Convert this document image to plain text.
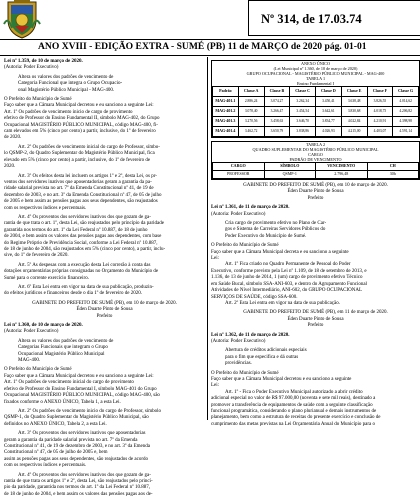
Nº 314, de 17.03.74
ANO XVIII - EDIÇÃO EXTRA - SUMÉ (PB) 11 de MARÇO de 2020 pág. 01-01
Lei nº 1.359, de 10 de março de 2020.
(Autoria: Poder Executivo)
Altera os valores dos padrões de vencimento de
Categoria Funcional que integra o Grupo Ocupacio-
onal Magistério Público Municipal - MAG-400.
O Prefeito do Município de Sumé
Faço saber que a Câmara Municipal decretou e eu sanciono a seguinte Lei:
Art. 1º Os padrões de vencimento inicio de cargo de provimento
efetivo de Professor do Ensino Fundamental II, símbolo MAG-402, do Grupo
Ocupacional MAGISTÉRIO PÚBLICO MUNICIPAL, código MAG-400, fi-
cam elevados em 5% (cinco por cento) a partir, inclusive, do 1º de fevereiro
de 2020.
Art. 2º Os padrões de vencimento inicial do cargo de Professor, símbo-
lo QSMP-2, do Quadro Suplementar do Magistério Público Municipal, fica
elevado em 5% (cinco por cento) a partir, inclusive, do 1º de fevereiro de
2020.
Art. 3º Os efeitos desta lei incluem os artigos 1º e 2º, desta Lei, os pr-
ventos dos servidores inativos que aposentadorias geram a garantia da pa-
ridade salarial prevista no art. 7º da Emenda Constitucional nº 41, de 19 de
dezembro de 2003, e no art. 3º da Emenda Constitucional nº 47, de 05 de julho
de 2005 e bem assim as pensões pagas aos seus dependentes, são reajustados
com os respectivos índices e percentuais.
Art. 4º Os proventos dos servidores inativos dos que gozam de ga-
rantia de que trata o art. 1º, desta Lei, são reajustados pelo princípio da paridade
garantida nos termos do art. 1º da Lei Federal nº 10.887, de 18 de junho
de 2004, e bem assim os valores das pensões pagas aos dependentes, com base
do Regime Próprio de Previdência Social, conforme a Lei Federal nº 10.887,
de 18 de junho de 2004, são reajustados em 5% (cinco por cento), a partir, inclu-
sive, do 1º de fevereiro de 2020.
Art. 5º As despesas com a execução desta Lei correrão à conta das
dotações orçamentárias próprias consignadas no Orçamento do Município de
Sumé para o corrente exercício financeiro.
Art. 6º Esta Lei entra em vigor na data de sua publicação, produzin-
do efeitos jurídicos e financeiros desde o dia 1º de fevereiro de 2020.
GABINETE DO PREFEITO DE SUMÉ (PB), em 10 de março de 2020.
Éden Duarte Pinto de Sousa
Prefeito
Lei nº 1.360, de 10 de março de 2020.
(Autoria: Poder Executivo)
Altera os valores dos padrões de vencimento de
Categorias Funcionais que integram o Grupo
Ocupacional Magistério Público Municipal
MAG-400.
O Prefeito do Município de Sumé
Faço saber que a Câmara Municipal decretou e eu sanciono a seguinte Lei:
Art. 1º Os padrões de vencimento inicial do cargo de provimento
efetivo de Professor do Ensino Fundamental I, símbolo MAG-401 do Grupo
Ocupacional MAGISTÉRIO PÚBLICO MUNICIPAL, código MAG-400, são
fixados conforme o ANEXO ÚNICO, Tabela 1, a esta Lei.
Art. 2º Os padrões de vencimento inicio do cargo de Professor, símbolo
QSMP-1, do Quadro Suplementar do Magistério Público Municipal, são
definidos no ANEXO ÚNICO, Tabela 2, a esta Lei.
Art. 3º Os proventos dos servidores inativos que aposentadorias
geram a garantia da paridade salarial prevista no art. 7º da Emenda
Constitucional nº 41, de 19 de dezembro de 2003, e no art. 3º da Emenda
Constitucional nº 47, de 05 de julho de 2005 e, bem
assim as pensões pagas aos seus dependentes, são reajustados de acordo
com os respectivos índices e percentuais.
Art. 4º Os proventos dos servidores inativos dos que gozam de ga-
rantia de que trata os artigos 1º e 2º, desta Lei, são reajustados pelo princí-
pio da paridade, garantida nos termos do art. 1º da Lei Federal nº 10.887,
de 18 de junho de 2004, e bem assim os valores das pensões pagas aos de-
ANEXO ÚNICO
(Lei Municipal nº 1.360, de 10 de março de 2020)
GRUPO OCUPACIONAL - MAGISTÉRIO PÚBLICO MUNICIPAL - MAG-400
TABELA 1
Ensino Fundamental I
Padrão	Classe A	Classe B	Classe C	Classe D	Classe E	Classe F	Classe G
MAG-401.1	2.886,24	3.074,27	3.262,34	3.450,41	3.638,48	3.826,55	4.014,62
MAG-401.2	3.078,40	3.266,47	3.454,54	3.642,61	3.830,68	4.018,75	4.206,82
MAG-401.3	3.270,56	3.458,63	3.646,70	3.834,77	4.022,84	4.210,91	4.398,98
MAG-401.4	3.462,72	3.650,79	3.838,86	4.026,93	4.215,00	4.403,07	4.591,14
TABELA 2
QUADRO SUPLEMENTAR DO MAGISTÉRIO PÚBLICO MUNICIPAL
CARGO
PADRÃO DE VENCIMENTO
CARGO	SÍMBOLO	VENCIMENTO	CH
PROFESSOR	QSMP-1	2.796,48	30h
GABINETE DO PREFEITO DE SUMÉ (PB), em 10 de março de 2020.
Éden Duarte Pinto de Sousa
Prefeito
Lei nº 1.361, de 11 de março de 2020.
(Autoria: Poder Executivo)
Cria cargo de provimento efetivo no Plano de Car-
gos e Sistema de Carreiras Servidores Públicos do
Poder Executivo do Município de Sumé.
O Prefeito do Município de Sumé
Faço saber que a Câmara Municipal decreta e eu sanciono a seguinte
Lei:
Art. 1º Fica criado no Quadro Permanente de Pessoal do Poder
Executivo, conforme previsto pela Lei nº 1.109, de 18 de setembro de 2013, e
1.136, de 13 de junho de 2014, 1 (um) cargo de provimento efetivo Técnico
em Saúde Bucal, símbolo SSA-ANI-603, e dentro do Agrupamento Funcional
Atividades de Nível Intermediário, ANI-602, do GRUPO OCUPACIONAL
SERVIÇOS DE SAÚDE, código SSA-600.
Art. 2º Esta Lei entra em vigor na data de sua publicação.
GABINETE DO PREFEITO DE SUMÉ (PB), em 11 de março de 2020.
Éden Duarte Pinto de Sousa
Prefeito
Lei nº 1.362, de 11 de março de 2020.
(Autoria: Poder Executivo)
Abertura de créditos adicionais especiais
para o fim que especifica e dá outras
providências.
O Prefeito do Município de Sumé
Faço saber que a Câmara Municipal decretou e eu sanciono a seguinte
Lei:
Art. 1º - Fica o Poder Executivo Municipal autorizado a abrir crédito
adicional especial no valor de R$ 97.000,00 (noventa e sete mil reais), destinado a
promover a transferência de equipamentos de saúde com a seguinte classificação
funcional programática, considerando o plano plurianual e demais instrumentos de
planejamento, bem como a estrutura de receitas do presente exercício e conclusão de
cumprimento das metas previstas na Lei Orçamentária Anual do Município para o
